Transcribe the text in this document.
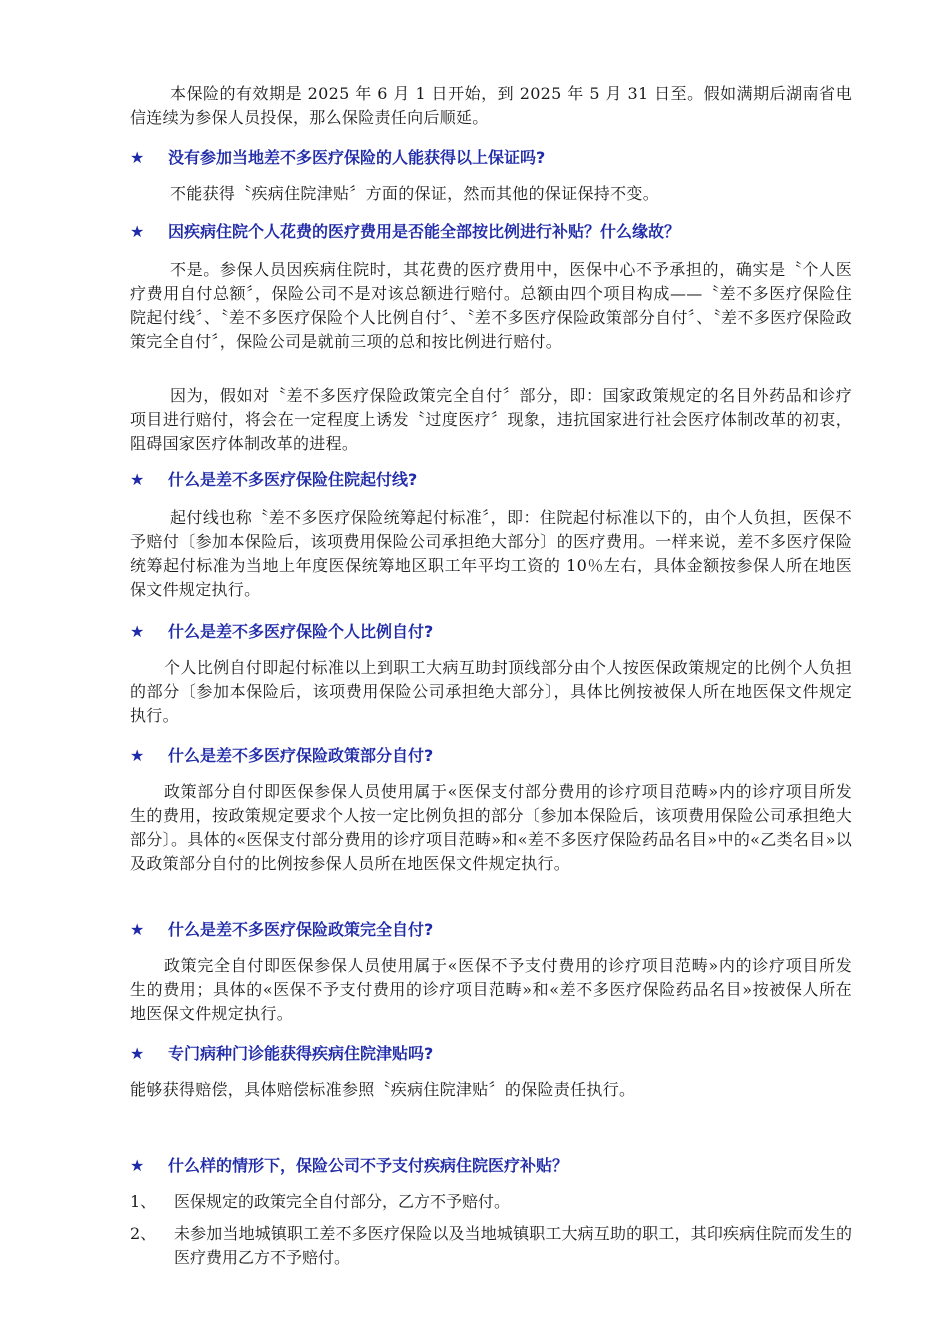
本保险的有效期是 2025 年 6 月 1 日开始，到 2025 年 5 月 31 日至。假如满期后湖南省电信连续为参保人员投保，那么保险责任向后顺延。

★ 没有参加当地差不多医疗保险的人能获得以上保证吗?

不能获得〝疾病住院津贴〞方面的保证，然而其他的保证保持不变。

★ 因疾病住院个人花费的医疗费用是否能全部按比例进行补贴？什么缘故？

不是。参保人员因疾病住院时，其花费的医疗费用中，医保中心不予承担的，确实是〝个人医疗费用自付总额〞，保险公司不是对该总额进行赔付。总额由四个项目构成——〝差不多医疗保险住院起付线〞、〝差不多医疗保险个人比例自付〞、〝差不多医疗保险政策部分自付〞、〝差不多医疗保险政策完全自付〞，保险公司是就前三项的总和按比例进行赔付。

因为，假如对〝差不多医疗保险政策完全自付〞部分，即：国家政策规定的名目外药品和诊疗项目进行赔付，将会在一定程度上诱发〝过度医疗〞现象，违抗国家进行社会医疗体制改革的初衷，阻碍国家医疗体制改革的进程。

★ 什么是差不多医疗保险住院起付线?

起付线也称〝差不多医疗保险统筹起付标准〞，即：住院起付标准以下的，由个人负担，医保不予赔付〔参加本保险后，该项费用保险公司承担绝大部分〕的医疗费用。一样来说，差不多医疗保险统筹起付标准为当地上年度医保统筹地区职工年平均工资的 10％左右，具体金额按参保人所在地医保文件规定执行。

★ 什么是差不多医疗保险个人比例自付?

个人比例自付即起付标准以上到职工大病互助封顶线部分由个人按医保政策规定的比例个人负担的部分〔参加本保险后，该项费用保险公司承担绝大部分〕，具体比例按被保人所在地医保文件规定执行。

★ 什么是差不多医疗保险政策部分自付?

政策部分自付即医保参保人员使用属于«医保支付部分费用的诊疗项目范畴»内的诊疗项目所发生的费用，按政策规定要求个人按一定比例负担的部分〔参加本保险后，该项费用保险公司承担绝大部分〕。具体的«医保支付部分费用的诊疗项目范畴»和«差不多医疗保险药品名目»中的«乙类名目»以及政策部分自付的比例按参保人员所在地医保文件规定执行。

★ 什么是差不多医疗保险政策完全自付?

政策完全自付即医保参保人员使用属于«医保不予支付费用的诊疗项目范畴»内的诊疗项目所发生的费用；具体的«医保不予支付费用的诊疗项目范畴»和«差不多医疗保险药品名目»按被保人所在地医保文件规定执行。

★ 专门病种门诊能获得疾病住院津贴吗?

能够获得赔偿，具体赔偿标准参照〝疾病住院津贴〞的保险责任执行。

★ 什么样的情形下，保险公司不予支付疾病住院医疗补贴？
1、 医保规定的政策完全自付部分，乙方不予赔付。
2、 未参加当地城镇职工差不多医疗保险以及当地城镇职工大病互助的职工，其印疾病住院而发生的医疗费用乙方不予赔付。
